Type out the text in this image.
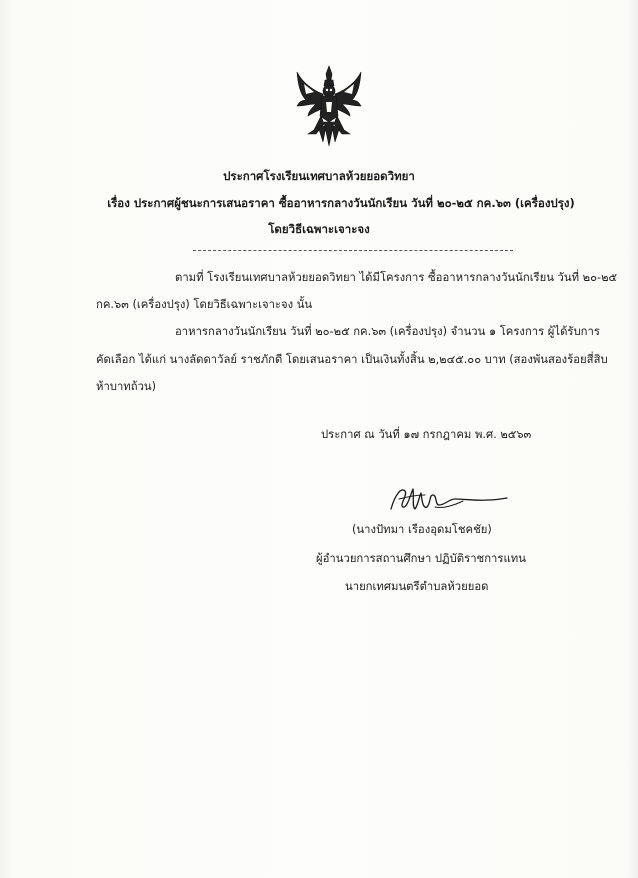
ประกาศโรงเรียนเทศบาลห้วยยอดวิทยา
เรื่อง ประกาศผู้ชนะการเสนอราคา ซื้ออาหารกลางวันนักเรียน วันที่ ๒๐-๒๕ กค.๖๓ (เครื่องปรุง)
โดยวิธีเฉพาะเจาะจง
ตามที่ โรงเรียนเทศบาลห้วยยอดวิทยา ได้มีโครงการ ซื้ออาหารกลางวันนักเรียน วันที่ ๒๐-๒๕
กค.๖๓ (เครื่องปรุง) โดยวิธีเฉพาะเจาะจง นั้น
อาหารกลางวันนักเรียน วันที่ ๒๐-๒๕ กค.๖๓ (เครื่องปรุง) จำนวน ๑ โครงการ ผู้ได้รับการ
คัดเลือก ได้แก่ นางลัดดาวัลย์ ราชภักดี โดยเสนอราคา เป็นเงินทั้งสิ้น ๒,๒๔๕.๐๐ บาท (สองพันสองร้อยสี่สิบ
ห้าบาทถ้วน)
ประกาศ ณ วันที่ ๑๗ กรกฎาคม พ.ศ. ๒๕๖๓
(นางปัทมา เรืองอุดมโชคชัย)
ผู้อำนวยการสถานศึกษา ปฏิบัติราชการแทน
นายกเทศมนตรีตำบลห้วยยอด
